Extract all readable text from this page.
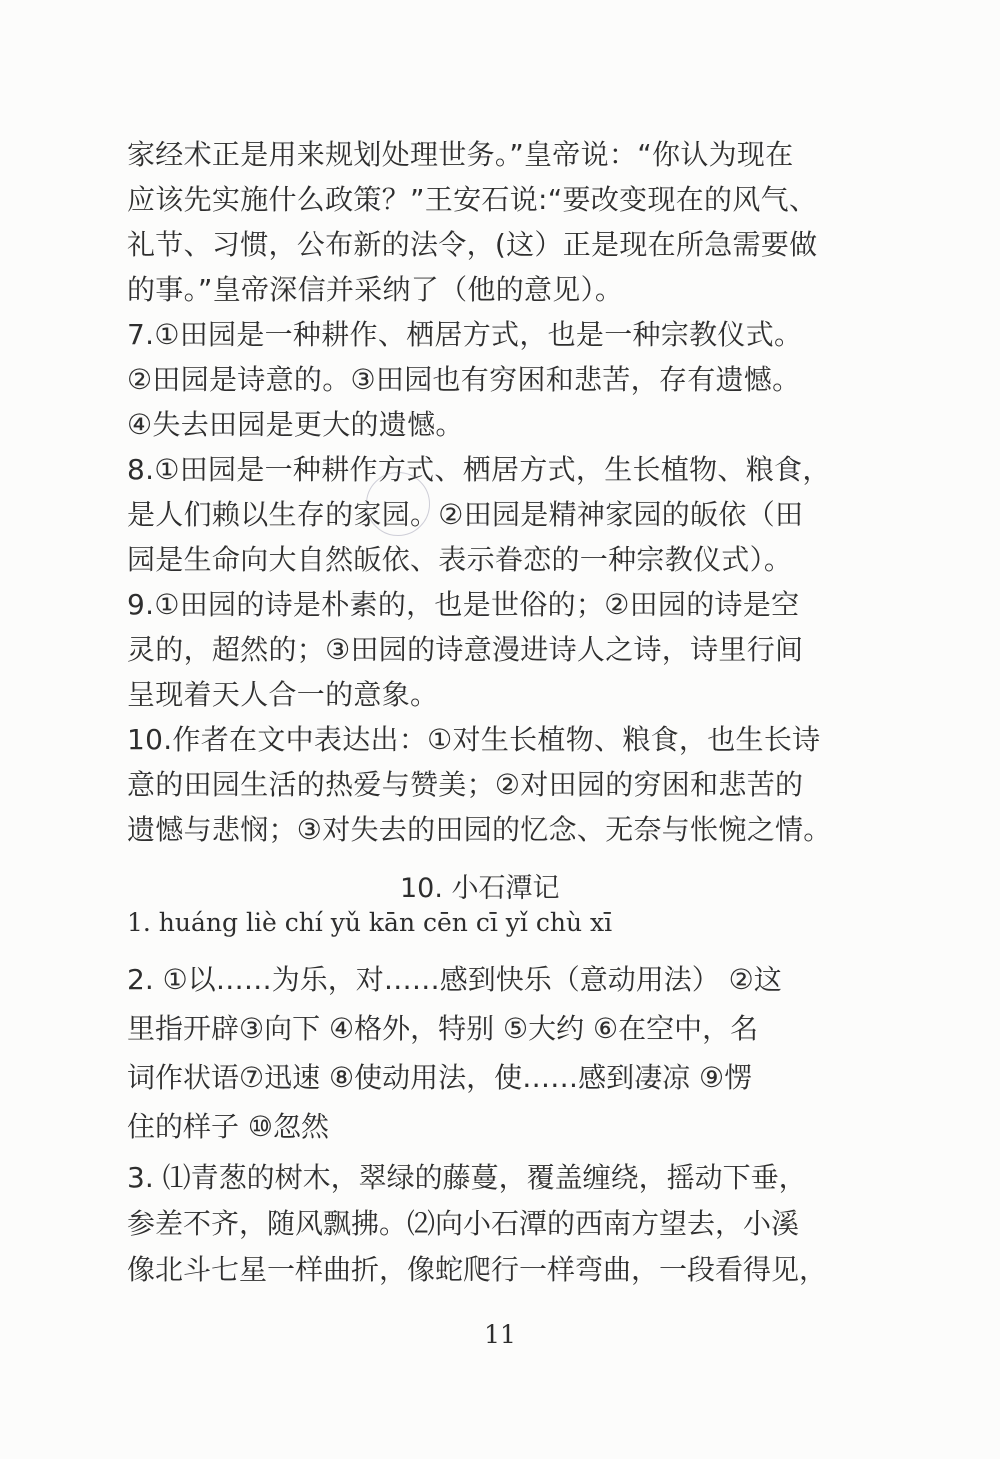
家经术正是用来规划处理世务。”皇帝说：“你认为现在
应该先实施什么政策？”王安石说:“要改变现在的风气、
礼节、习惯，公布新的法令，(这）正是现在所急需要做
的事。”皇帝深信并采纳了（他的意见）。
7.①田园是一种耕作、栖居方式，也是一种宗教仪式。
②田园是诗意的。③田园也有穷困和悲苦，存有遗憾。
④失去田园是更大的遗憾。
8.①田园是一种耕作方式、栖居方式，生长植物、粮食，
是人们赖以生存的家园。②田园是精神家园的皈依（田
园是生命向大自然皈依、表示眷恋的一种宗教仪式）。
9.①田园的诗是朴素的，也是世俗的；②田园的诗是空
灵的，超然的；③田园的诗意漫进诗人之诗，诗里行间
呈现着天人合一的意象。
10.作者在文中表达出：①对生长植物、粮食，也生长诗
意的田园生活的热爱与赞美；②对田园的穷困和悲苦的
遗憾与悲悯；③对失去的田园的忆念、无奈与怅惋之情。
10. 小石潭记
1. huáng liè chí yǔ kān cēn cī yǐ chù xī
2. ①以……为乐，对……感到快乐（意动用法） ②这
里指开辟③向下 ④格外，特别 ⑤大约 ⑥在空中，名
词作状语⑦迅速 ⑧使动用法，使……感到凄凉 ⑨愣
住的样子 ⑩忽然
3. ⑴青葱的树木，翠绿的藤蔓，覆盖缠绕，摇动下垂，
参差不齐，随风飘拂。⑵向小石潭的西南方望去，小溪
像北斗七星一样曲折，像蛇爬行一样弯曲，一段看得见，
11
